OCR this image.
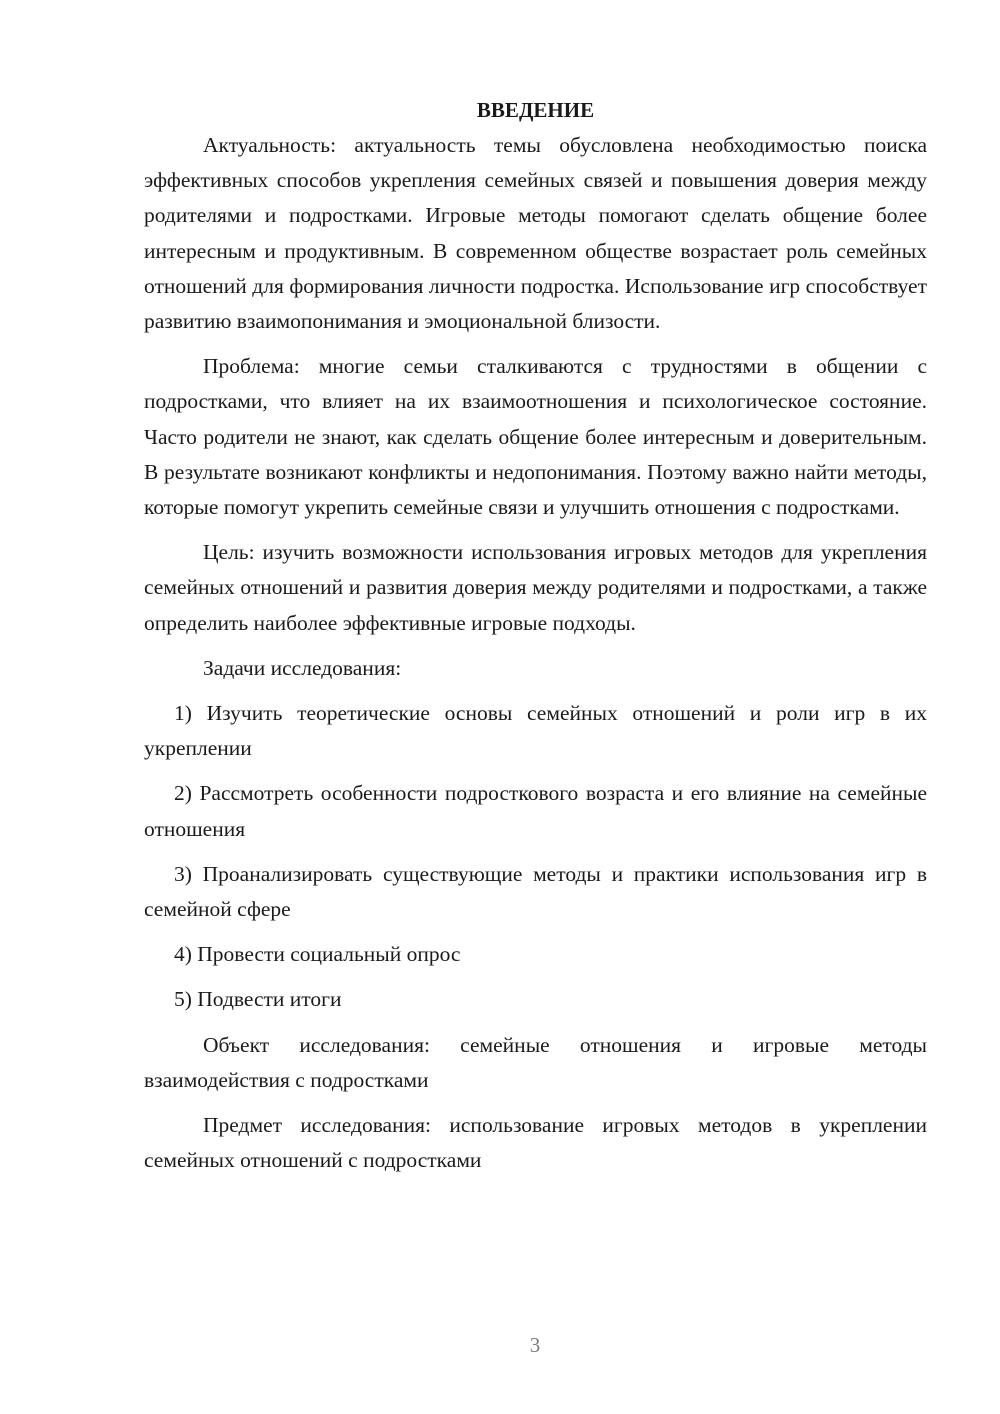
ВВЕДЕНИЕ

Актуальность: актуальность темы обусловлена необходимостью поиска эффективных способов укрепления семейных связей и повышения доверия между родителями и подростками. Игровые методы помогают сделать общение более интересным и продуктивным. В современном обществе возрастает роль семейных отношений для формирования личности подростка. Использование игр способствует развитию взаимопонимания и эмоциональной близости.

Проблема: многие семьи сталкиваются с трудностями в общении с подростками, что влияет на их взаимоотношения и психологическое состояние. Часто родители не знают, как сделать общение более интересным и доверительным. В результате возникают конфликты и недопонимания. Поэтому важно найти методы, которые помогут укрепить семейные связи и улучшить отношения с подростками.

Цель: изучить возможности использования игровых методов для укрепления семейных отношений и развития доверия между родителями и подростками, а также определить наиболее эффективные игровые подходы.

Задачи исследования:

1) Изучить теоретические основы семейных отношений и роли игр в их укреплении

2) Рассмотреть особенности подросткового возраста и его влияние на семейные отношения

3) Проанализировать существующие методы и практики использования игр в семейной сфере

4) Провести социальный опрос

5) Подвести итоги

Объект исследования: семейные отношения и игровые методы взаимодействия с подростками

Предмет исследования: использование игровых методов в укреплении семейных отношений с подростками

3
